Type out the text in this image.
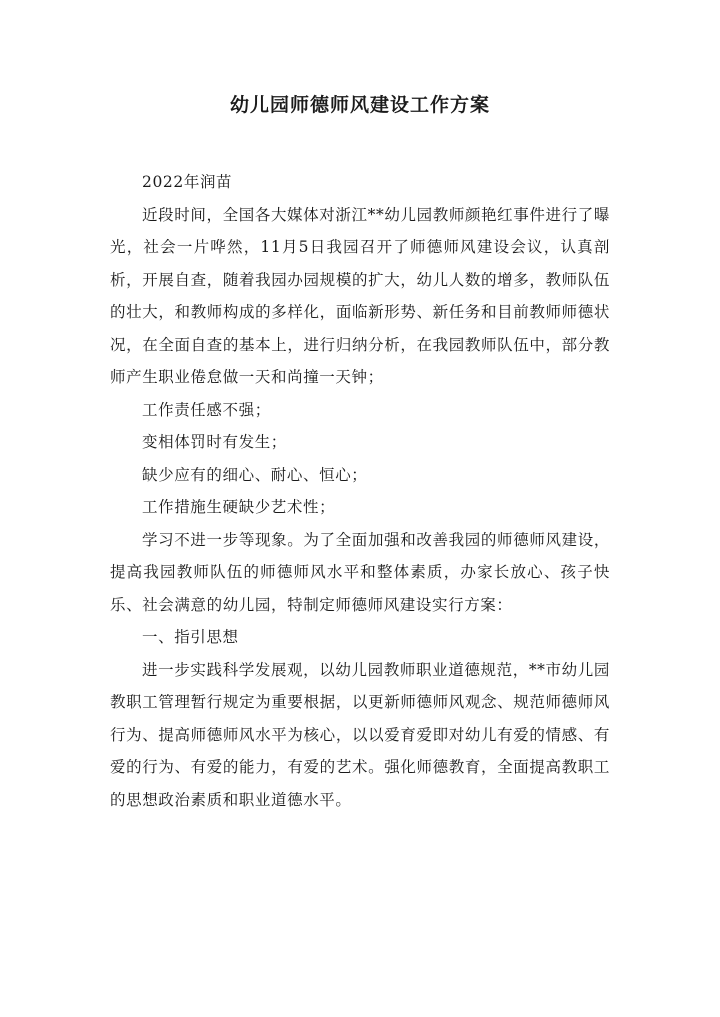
幼儿园师德师风建设工作方案

2022年润苗

近段时间，全国各大媒体对浙江**幼儿园教师颜艳红事件进行了曝光，社会一片哗然，11月5日我园召开了师德师风建设会议，认真剖析，开展自查，随着我园办园规模的扩大，幼儿人数的增多，教师队伍的壮大，和教师构成的多样化，面临新形势、新任务和目前教师师德状况，在全面自查的基本上，进行归纳分析，在我园教师队伍中，部分教师产生职业倦怠做一天和尚撞一天钟；

工作责任感不强；

变相体罚时有发生；

缺少应有的细心、耐心、恒心；

工作措施生硬缺少艺术性；

学习不进一步等现象。为了全面加强和改善我园的师德师风建设，提高我园教师队伍的师德师风水平和整体素质，办家长放心、孩子快乐、社会满意的幼儿园，特制定师德师风建设实行方案：

一、指引思想

进一步实践科学发展观，以幼儿园教师职业道德规范，**市幼儿园教职工管理暂行规定为重要根据，以更新师德师风观念、规范师德师风行为、提高师德师风水平为核心，以以爱育爱即对幼儿有爱的情感、有爱的行为、有爱的能力，有爱的艺术。强化师德教育，全面提高教职工的思想政治素质和职业道德水平。
